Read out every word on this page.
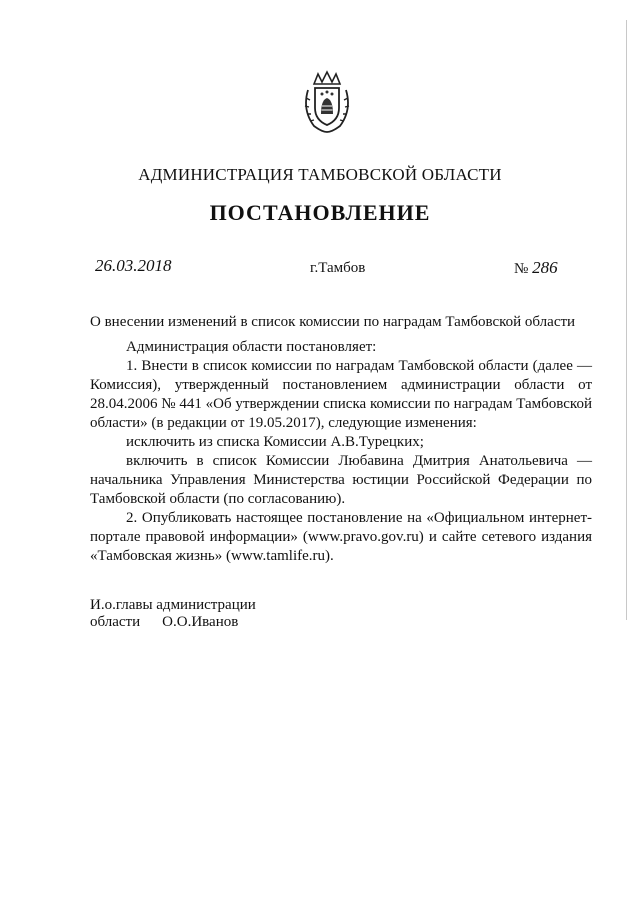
АДМИНИСТРАЦИЯ ТАМБОВСКОЙ ОБЛАСТИ
ПОСТАНОВЛЕНИЕ
26.03.2018	г.Тамбов	№ 286
О внесении изменений в список комиссии по наградам Тамбовской области

Администрация области постановляет:

1. Внести в список комиссии по наградам Тамбовской области (далее — Комиссия), утвержденный постановлением администрации области от 28.04.2006 № 441 «Об утверждении списка комиссии по наградам Тамбовской области» (в редакции от 19.05.2017), следующие изменения:

исключить из списка Комиссии А.В.Турецких;

включить в список Комиссии Любавина Дмитрия Анатольевича — начальника Управления Министерства юстиции Российской Федерации по Тамбовской области (по согласованию).

2. Опубликовать настоящее постановление на «Официальном интернет-портале правовой информации» (www.pravo.gov.ru) и сайте сетевого издания «Тамбовская жизнь» (www.tamlife.ru).

И.о.главы администрации
области О.О.Иванов
